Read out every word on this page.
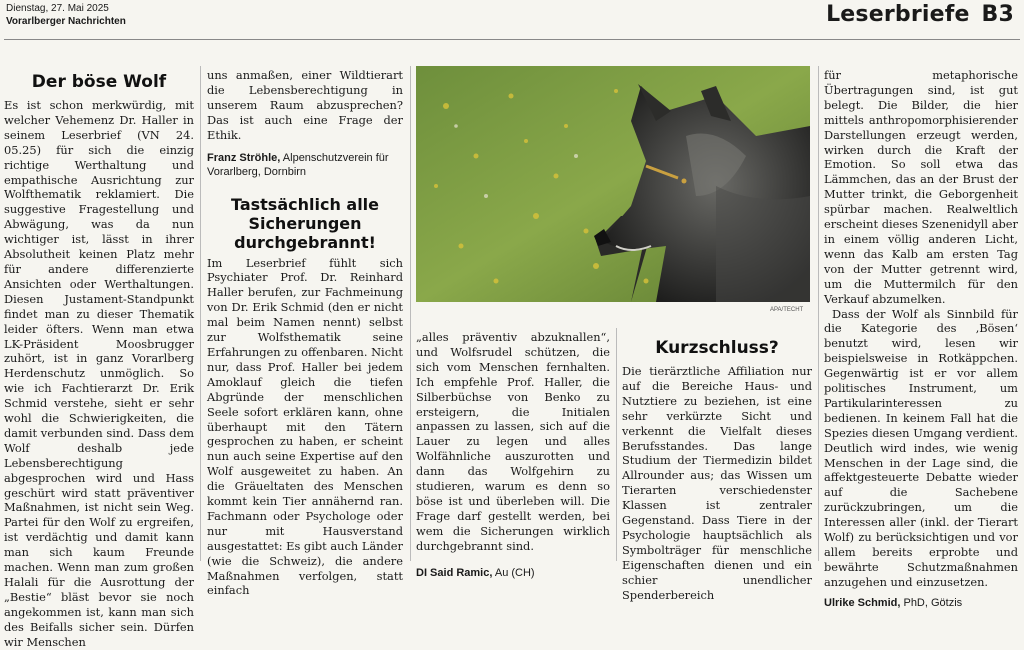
Dienstag, 27. Mai 2025
Vorarlberger Nachrichten	Leserbriefe B3
Der böse Wolf

Es ist schon merkwürdig, mit welcher Vehemenz Dr. Haller in seinem Leserbrief (VN 24. 05.25) für sich die einzig richtige Werthaltung und empathische Ausrichtung zur Wolfthematik reklamiert. Die suggestive Fragestellung und Abwägung, was da nun wichtiger ist, lässt in ihrer Absolutheit keinen Platz mehr für andere differenzierte Ansichten oder Werthaltungen. Diesen Justament-Standpunkt findet man zu dieser Thematik leider öfters. Wenn man etwa LK-Präsident Moosbrugger zuhört, ist in ganz Vorarlberg Herdenschutz unmöglich. So wie ich Fachtierarzt Dr. Erik Schmid verstehe, sieht er sehr wohl die Schwierigkeiten, die damit verbunden sind. Dass dem Wolf deshalb jede Lebensberechtigung abgesprochen wird und Hass geschürt wird statt präventiver Maßnahmen, ist nicht sein Weg. Partei für den Wolf zu ergreifen, ist verdächtig und damit kann man sich kaum Freunde machen. Wenn man zum großen Halali für die Ausrottung der „Bestie“ bläst bevor sie noch angekommen ist, kann man sich des Beifalls sicher sein. Dürfen wir Menschen

uns anmaßen, einer Wildtierart die Lebensberechtigung in unserem Raum abzusprechen? Das ist auch eine Frage der Ethik.

Franz Ströhle, Alpenschutzverein für Vorarlberg, Dornbirn
Tastsächlich alle Sicherungen durchgebrannt!

Im Leserbrief fühlt sich Psychiater Prof. Dr. Reinhard Haller berufen, zur Fachmeinung von Dr. Erik Schmid (den er nicht mal beim Namen nennt) selbst zur Wolfsthematik seine Erfahrungen zu offenbaren. Nicht nur, dass Prof. Haller bei jedem Amoklauf gleich die tiefen Abgründe der menschlichen Seele sofort erklären kann, ohne überhaupt mit den Tätern gesprochen zu haben, er scheint nun auch seine Expertise auf den Wolf ausgeweitet zu haben. An die Gräueltaten des Menschen kommt kein Tier annähernd ran. Fachmann oder Psychologe oder nur mit Hausverstand ausgestattet: Es gibt auch Länder (wie die Schweiz), die andere Maßnahmen verfolgen, statt einfach

APA/TECHT

„alles präventiv abzuknallen“, und Wolfsrudel schützen, die sich vom Menschen fernhalten. Ich empfehle Prof. Haller, die Silberbüchse von Benko zu ersteigern, die Initialen anpassen zu lassen, sich auf die Lauer zu legen und alles Wolfähnliche auszurotten und dann das Wolfgehirn zu studieren, warum es denn so böse ist und überleben will. Die Frage darf gestellt werden, bei wem die Sicherungen wirklich durchgebrannt sind.

DI Said Ramic, Au (CH)
Kurzschluss?

Die tierärztliche Affiliation nur auf die Bereiche Haus- und Nutztiere zu beziehen, ist eine sehr verkürzte Sicht und verkennt die Vielfalt dieses Berufsstandes. Das lange Studium der Tiermedizin bildet Allrounder aus; das Wissen um Tierarten verschiedenster Klassen ist zentraler Gegenstand. Dass Tiere in der Psychologie hauptsächlich als Symbolträger für menschliche Eigenschaften dienen und ein schier unendlicher Spenderbereich

für metaphorische Übertragungen sind, ist gut belegt. Die Bilder, die hier mittels anthropomorphisierender Darstellungen erzeugt werden, wirken durch die Kraft der Emotion. So soll etwa das Lämmchen, das an der Brust der Mutter trinkt, die Geborgenheit spürbar machen. Realweltlich erscheint dieses Szenenidyll aber in einem völlig anderen Licht, wenn das Kalb am ersten Tag von der Mutter getrennt wird, um die Muttermilch für den Verkauf abzumelken.

Dass der Wolf als Sinnbild für die Kategorie des ‚Bösen‘ benutzt wird, lesen wir beispielsweise in Rotkäppchen. Gegenwärtig ist er vor allem politisches Instrument, um Partikularinteressen zu bedienen. In keinem Fall hat die Spezies diesen Umgang verdient. Deutlich wird indes, wie wenig Menschen in der Lage sind, die affektgesteuerte Debatte wieder auf die Sachebene zurückzubringen, um die Interessen aller (inkl. der Tierart Wolf) zu berücksichtigen und vor allem bereits erprobte und bewährte Schutzmaßnahmen anzugehen und einzusetzen.

Ulrike Schmid, PhD, Götzis
